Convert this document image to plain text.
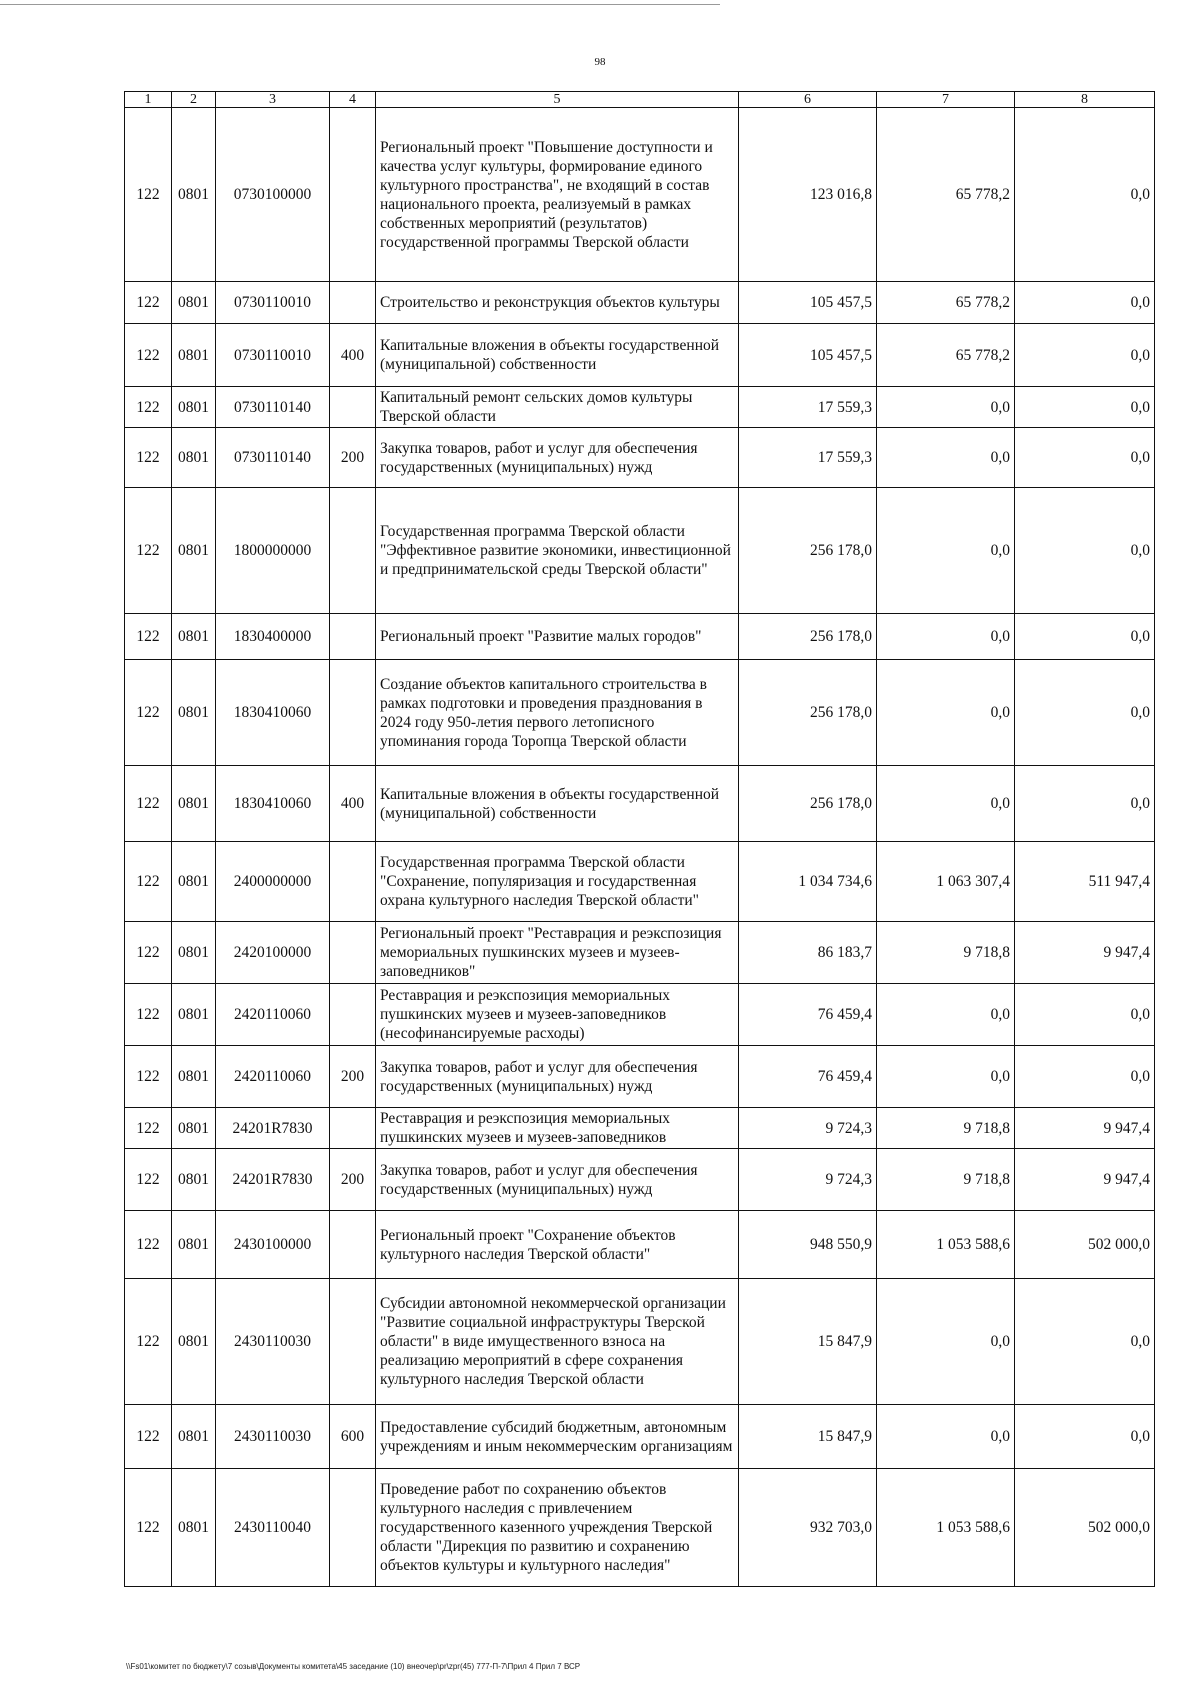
98
1	2	3	4	5	6	7	8
122	0801	0730100000		Региональный проект "Повышение доступности и качества услуг культуры, формирование единого культурного пространства", не входящий в состав национального проекта, реализуемый в рамках собственных мероприятий (результатов) государственной программы Тверской области	123 016,8	65 778,2	0,0
122	0801	0730110010		Строительство и реконструкция объектов культуры	105 457,5	65 778,2	0,0
122	0801	0730110010	400	Капитальные вложения в объекты государственной (муниципальной) собственности	105 457,5	65 778,2	0,0
122	0801	0730110140		Капитальный ремонт сельских домов культуры Тверской области	17 559,3	0,0	0,0
122	0801	0730110140	200	Закупка товаров, работ и услуг для обеспечения государственных (муниципальных) нужд	17 559,3	0,0	0,0
122	0801	1800000000		Государственная программа Тверской области "Эффективное развитие экономики, инвестиционной и предпринимательской среды Тверской области"	256 178,0	0,0	0,0
122	0801	1830400000		Региональный проект "Развитие малых городов"	256 178,0	0,0	0,0
122	0801	1830410060		Создание объектов капитального строительства в рамках подготовки и проведения празднования в 2024 году 950-летия первого летописного упоминания города Торопца Тверской области	256 178,0	0,0	0,0
122	0801	1830410060	400	Капитальные вложения в объекты государственной (муниципальной) собственности	256 178,0	0,0	0,0
122	0801	2400000000		Государственная программа Тверской области "Сохранение, популяризация и государственная охрана культурного наследия Тверской области"	1 034 734,6	1 063 307,4	511 947,4
122	0801	2420100000		Региональный проект "Реставрация и реэкспозиция мемориальных пушкинских музеев и музеев-заповедников"	86 183,7	9 718,8	9 947,4
122	0801	2420110060		Реставрация и реэкспозиция мемориальных пушкинских музеев и музеев-заповедников (несофинансируемые расходы)	76 459,4	0,0	0,0
122	0801	2420110060	200	Закупка товаров, работ и услуг для обеспечения государственных (муниципальных) нужд	76 459,4	0,0	0,0
122	0801	24201R7830		Реставрация и реэкспозиция мемориальных пушкинских музеев и музеев-заповедников	9 724,3	9 718,8	9 947,4
122	0801	24201R7830	200	Закупка товаров, работ и услуг для обеспечения государственных (муниципальных) нужд	9 724,3	9 718,8	9 947,4
122	0801	2430100000		Региональный проект "Сохранение объектов культурного наследия Тверской области"	948 550,9	1 053 588,6	502 000,0
122	0801	2430110030		Субсидии автономной некоммерческой организации "Развитие социальной инфраструктуры Тверской области" в виде имущественного взноса на реализацию мероприятий в сфере сохранения культурного наследия Тверской области	15 847,9	0,0	0,0
122	0801	2430110030	600	Предоставление субсидий бюджетным, автономным учреждениям и иным некоммерческим организациям	15 847,9	0,0	0,0
122	0801	2430110040		Проведение работ по сохранению объектов культурного наследия с привлечением государственного казенного учреждения Тверской области "Дирекция по развитию и сохранению объектов культуры и культурного наследия"	932 703,0	1 053 588,6	502 000,0
\\Fs01\комитет по бюджету\7 созыв\Документы комитета\45 заседание (10) внеочер\pr\zpr(45) 777-П-7\Прил 4 Прил 7 ВСР
